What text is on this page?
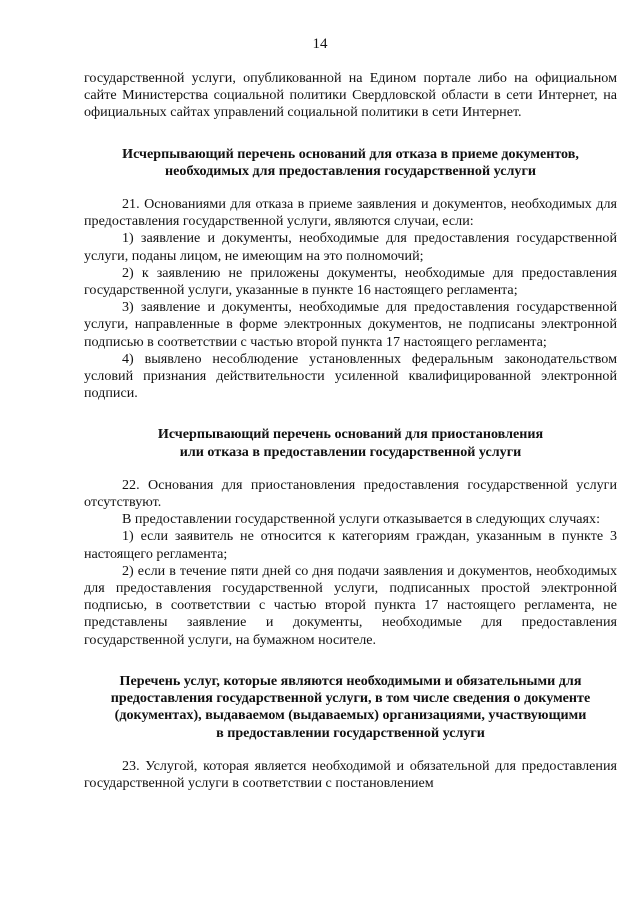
14

государственной услуги, опубликованной на Едином портале либо на официальном сайте Министерства социальной политики Свердловской области в сети Интернет, на официальных сайтах управлений социальной политики в сети Интернет.

Исчерпывающий перечень оснований для отказа в приеме документов,
необходимых для предоставления государственной услуги

21. Основаниями для отказа в приеме заявления и документов, необходимых для предоставления государственной услуги, являются случаи, если:

1) заявление и документы, необходимые для предоставления государственной услуги, поданы лицом, не имеющим на это полномочий;

2) к заявлению не приложены документы, необходимые для предоставления государственной услуги, указанные в пункте 16 настоящего регламента;

3) заявление и документы, необходимые для предоставления государственной услуги, направленные в форме электронных документов, не подписаны электронной подписью в соответствии с частью второй пункта 17 настоящего регламента;

4) выявлено несоблюдение установленных федеральным законодательством условий признания действительности усиленной квалифицированной электронной подписи.

Исчерпывающий перечень оснований для приостановления
или отказа в предоставлении государственной услуги

22. Основания для приостановления предоставления государственной услуги отсутствуют.

В предоставлении государственной услуги отказывается в следующих случаях:

1) если заявитель не относится к категориям граждан, указанным в пункте 3 настоящего регламента;

2) если в течение пяти дней со дня подачи заявления и документов, необходимых для предоставления государственной услуги, подписанных простой электронной подписью, в соответствии с частью второй пункта 17 настоящего регламента, не представлены заявление и документы, необходимые для предоставления государственной услуги, на бумажном носителе.

Перечень услуг, которые являются необходимыми и обязательными для
предоставления государственной услуги, в том числе сведения о документе
(документах), выдаваемом (выдаваемых) организациями, участвующими
в предоставлении государственной услуги

23. Услугой, которая является необходимой и обязательной для предоставления государственной услуги в соответствии с постановлением
